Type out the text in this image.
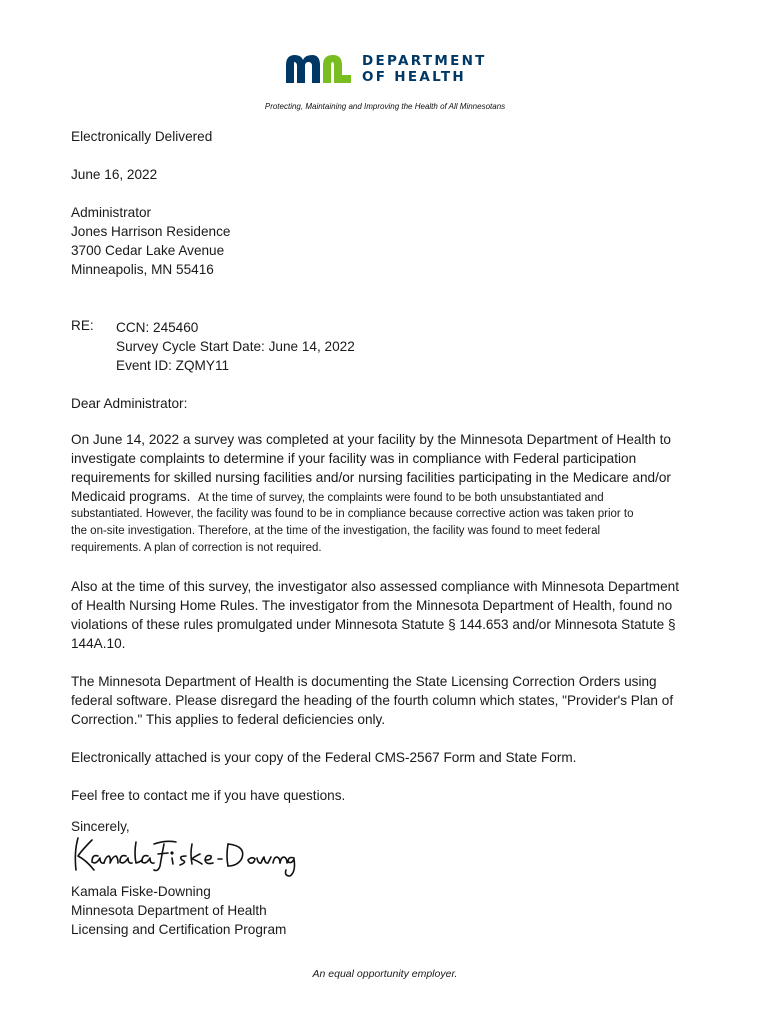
DEPARTMENT
OF HEALTH
Protecting, Maintaining and Improving the Health of All Minnesotans
Electronically Delivered
June 16, 2022
Administrator
Jones Harrison Residence
3700 Cedar Lake Avenue
Minneapolis, MN 55416
RE: CCN: 245460
Survey Cycle Start Date: June 14, 2022
Event ID: ZQMY11
Dear Administrator:
On June 14, 2022 a survey was completed at your facility by the Minnesota Department of Health to
investigate complaints to determine if your facility was in compliance with Federal participation
requirements for skilled nursing facilities and/or nursing facilities participating in the Medicare and/or
Medicaid programs.  At the time of survey, the complaints were found to be both unsubstantiated and
substantiated. However, the facility was found to be in compliance because corrective action was taken prior to
the on-site investigation. Therefore, at the time of the investigation, the facility was found to meet federal
requirements. A plan of correction is not required.
Also at the time of this survey, the investigator also assessed compliance with Minnesota Department
of Health Nursing Home Rules. The investigator from the Minnesota Department of Health, found no
violations of these rules promulgated under Minnesota Statute § 144.653 and/or Minnesota Statute §
144A.10.
The Minnesota Department of Health is documenting the State Licensing Correction Orders using
federal software. Please disregard the heading of the fourth column which states, "Provider's Plan of
Correction." This applies to federal deficiencies only.
Electronically attached is your copy of the Federal CMS-2567 Form and State Form.
Feel free to contact me if you have questions.
Sincerely,
Kamala Fiske-Downing
Minnesota Department of Health
Licensing and Certification Program
An equal opportunity employer.
